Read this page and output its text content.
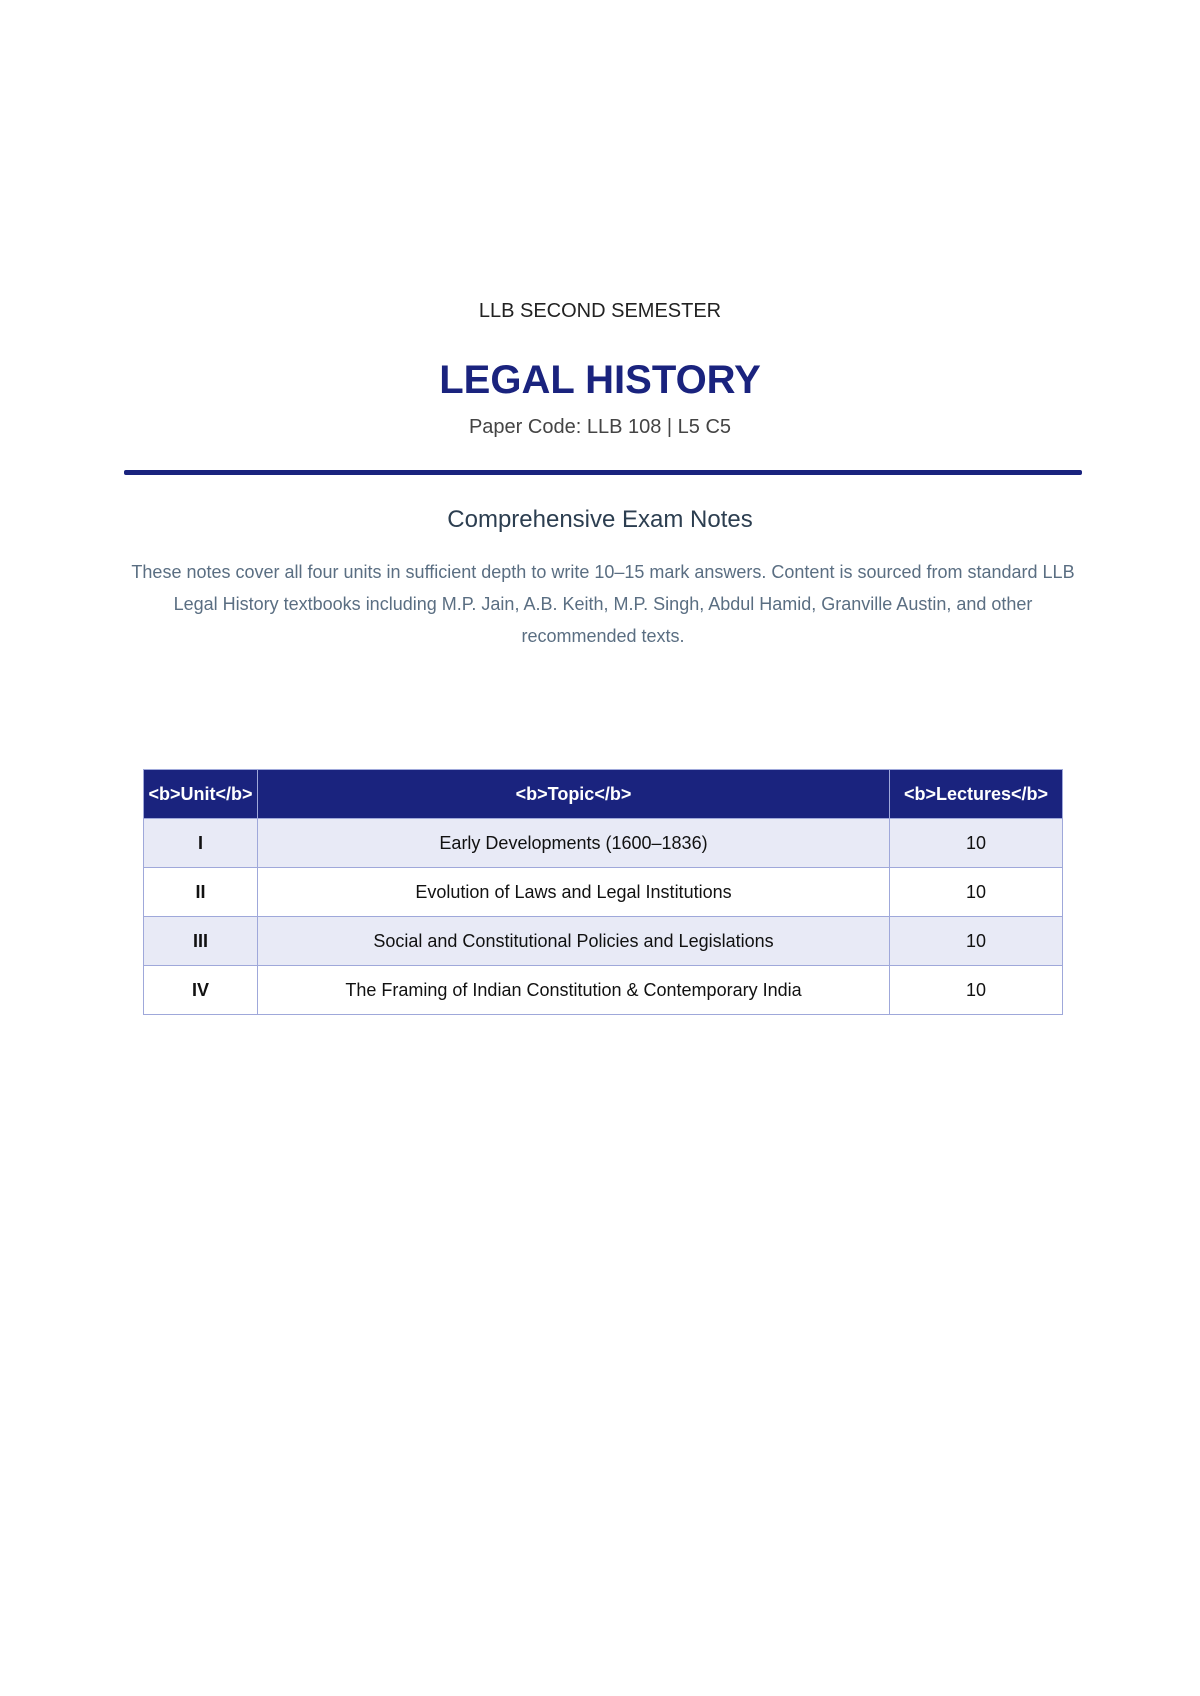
LLB SECOND SEMESTER
LEGAL HISTORY
Paper Code: LLB 108 | L5 C5
Comprehensive Exam Notes
These notes cover all four units in sufficient depth to write 10–15 mark answers. Content is sourced from standard LLB Legal History textbooks including M.P. Jain, A.B. Keith, M.P. Singh, Abdul Hamid, Granville Austin, and other recommended texts.
<b>Unit</b>	<b>Topic</b>	<b>Lectures</b>
I	Early Developments (1600–1836)	10
II	Evolution of Laws and Legal Institutions	10
III	Social and Constitutional Policies and Legislations	10
IV	The Framing of Indian Constitution & Contemporary India	10
